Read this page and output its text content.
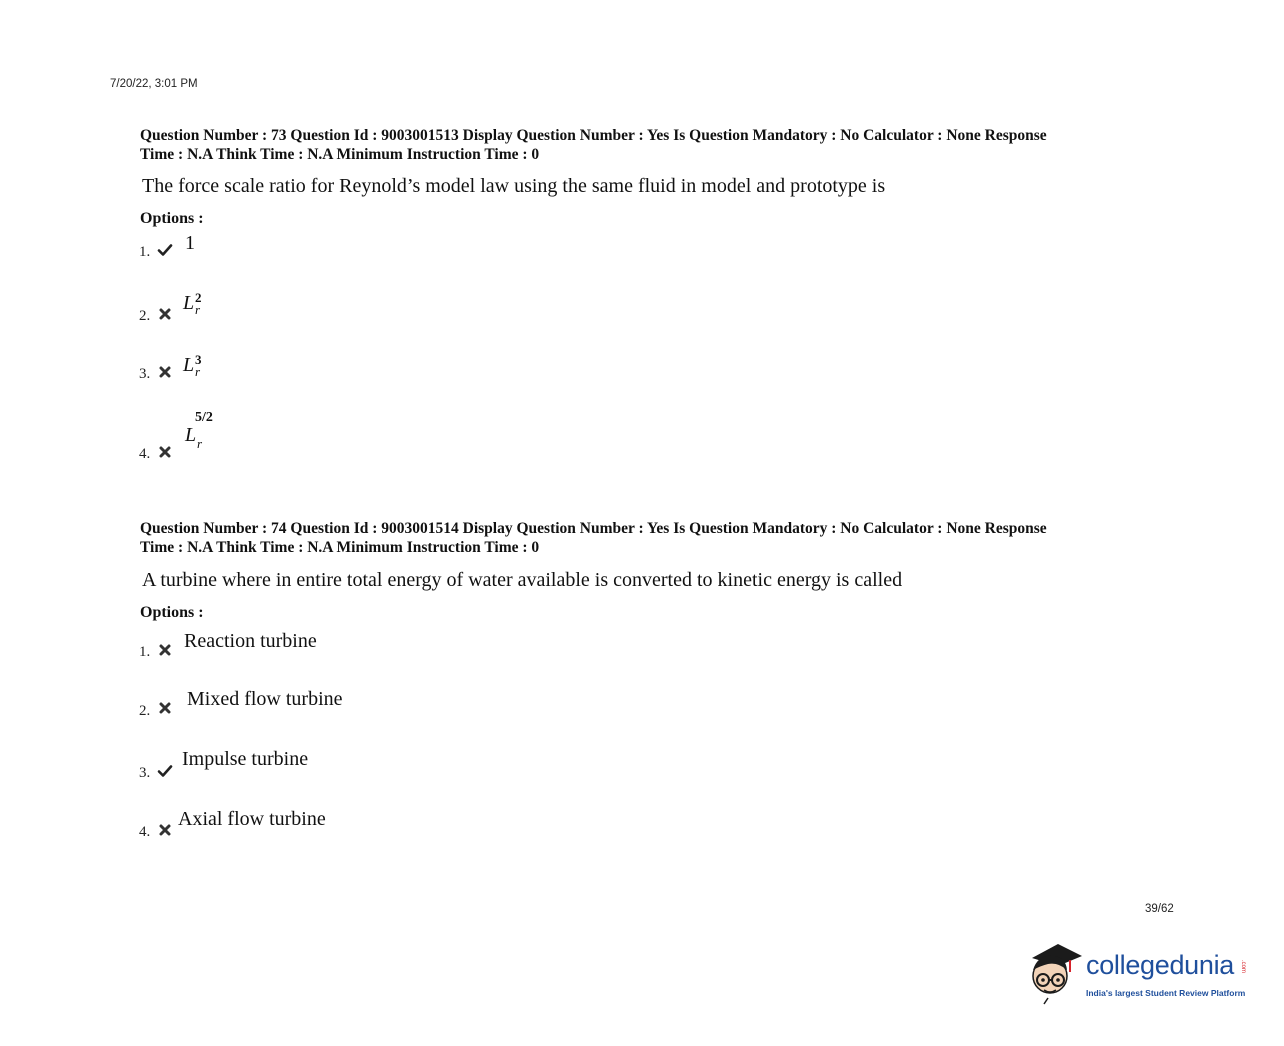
7/20/22, 3:01 PM
Question Number : 73 Question Id : 9003001513 Display Question Number : Yes Is Question Mandatory : No Calculator : None Response
Time : N.A Think Time : N.A Minimum Instruction Time : 0
The force scale ratio for Reynold’s model law using the same fluid in model and prototype is
Options :
1. 1
2.
L 2
r
3. L 3
r
4.
L
5/2
r
Question Number : 74 Question Id : 9003001514 Display Question Number : Yes Is Question Mandatory : No Calculator : None Response
Time : N.A Think Time : N.A Minimum Instruction Time : 0
A turbine where in entire total energy of water available is converted to kinetic energy is called
Options :
1. Reaction turbine
2.
Mixed flow turbine
3.
Impulse turbine
4.
Axial flow turbine
39/62
collegedunia .com
India's largest Student Review Platform
